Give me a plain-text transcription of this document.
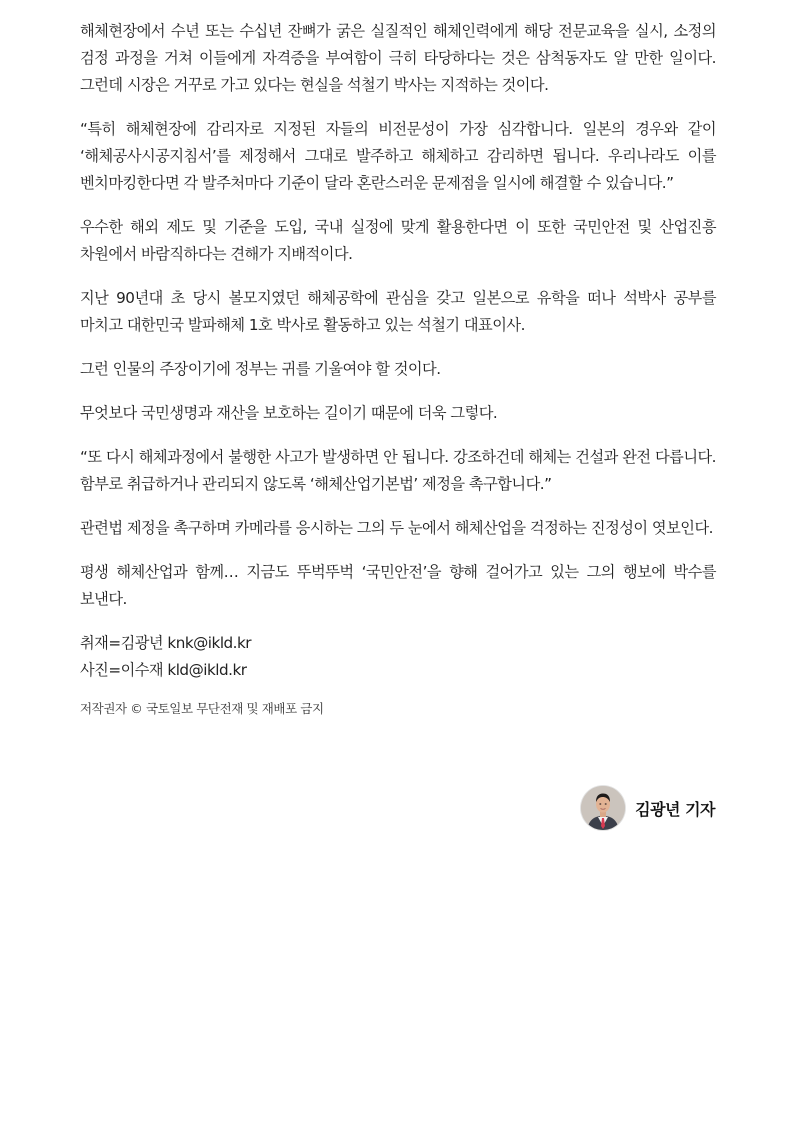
해체현장에서 수년 또는 수십년 잔뼈가 굵은 실질적인 해체인력에게 해당 전문교육을 실시, 소정의 검정 과정을 거쳐 이들에게 자격증을 부여함이 극히 타당하다는 것은 삼척동자도 알 만한 일이다. 그런데 시장은 거꾸로 가고 있다는 현실을 석철기 박사는 지적하는 것이다.

“특히 해체현장에 감리자로 지정된 자들의 비전문성이 가장 심각합니다. 일본의 경우와 같이 ‘해체공사시공지침서’를 제정해서 그대로 발주하고 해체하고 감리하면 됩니다. 우리나라도 이를 벤치마킹한다면 각 발주처마다 기준이 달라 혼란스러운 문제점을 일시에 해결할 수 있습니다.”

우수한 해외 제도 및 기준을 도입, 국내 실정에 맞게 활용한다면 이 또한 국민안전 및 산업진흥 차원에서 바람직하다는 견해가 지배적이다.

지난 90년대 초 당시 볼모지였던 해체공학에 관심을 갖고 일본으로 유학을 떠나 석박사 공부를 마치고 대한민국 발파해체 1호 박사로 활동하고 있는 석철기 대표이사.

그런 인물의 주장이기에 정부는 귀를 기울여야 할 것이다.

무엇보다 국민생명과 재산을 보호하는 길이기 때문에 더욱 그렇다.

“또 다시 해체과정에서 불행한 사고가 발생하면 안 됩니다. 강조하건데 해체는 건설과 완전 다릅니다. 함부로 취급하거나 관리되지 않도록 ‘해체산업기본법’ 제정을 촉구합니다.”

관련법 제정을 촉구하며 카메라를 응시하는 그의 두 눈에서 해체산업을 걱정하는 진정성이 엿보인다.

평생 해체산업과 함께… 지금도 뚜벅뚜벅 ‘국민안전’을 향해 걸어가고 있는 그의 행보에 박수를 보낸다.

취재=김광년 knk@ikld.kr
사진=이수재 kld@ikld.kr

저작권자 © 국토일보 무단전재 및 재배포 금지

김광년 기자
